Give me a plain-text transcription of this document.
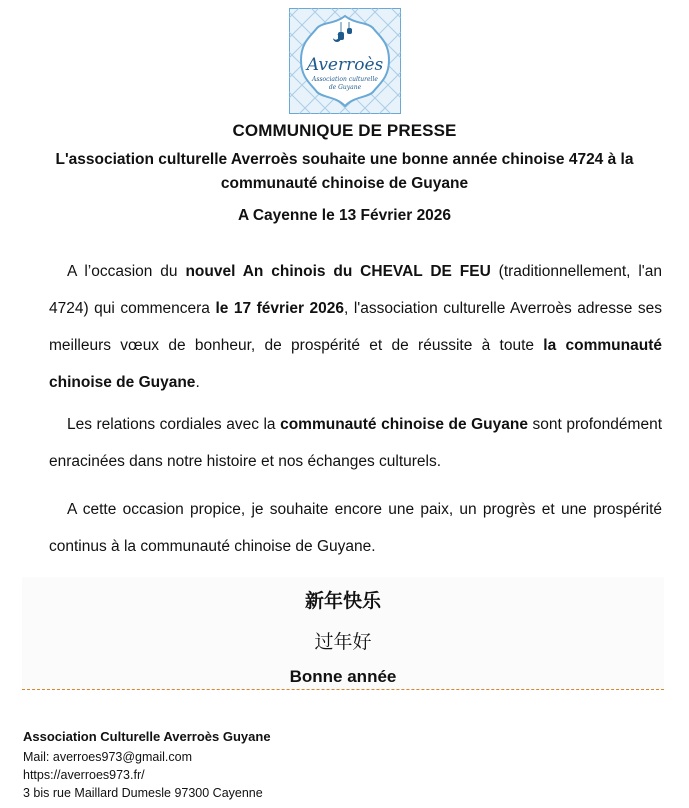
Averroès
Association culturelle
de Guyane
COMMUNIQUE DE PRESSE
L'association culturelle Averroès souhaite une bonne année chinoise 4724 à la
communauté chinoise de Guyane
A Cayenne le 13 Février 2026

A l’occasion du nouvel An chinois du CHEVAL DE FEU (traditionnellement, l'an 4724) qui commencera le 17 février 2026, l'association culturelle Averroès adresse ses meilleurs vœux de bonheur, de prospérité et de réussite à toute la communauté chinoise de Guyane.

Les relations cordiales avec la communauté chinoise de Guyane sont profondément enracinées dans notre histoire et nos échanges culturels.

A cette occasion propice, je souhaite encore une paix, un progrès et une prospérité continus à la communauté chinoise de Guyane.

新年快乐
过年好
Bonne année
Association Culturelle Averroès Guyane
Mail: averroes973@gmail.com
https://averroes973.fr/
3 bis rue Maillard Dumesle 97300 Cayenne
